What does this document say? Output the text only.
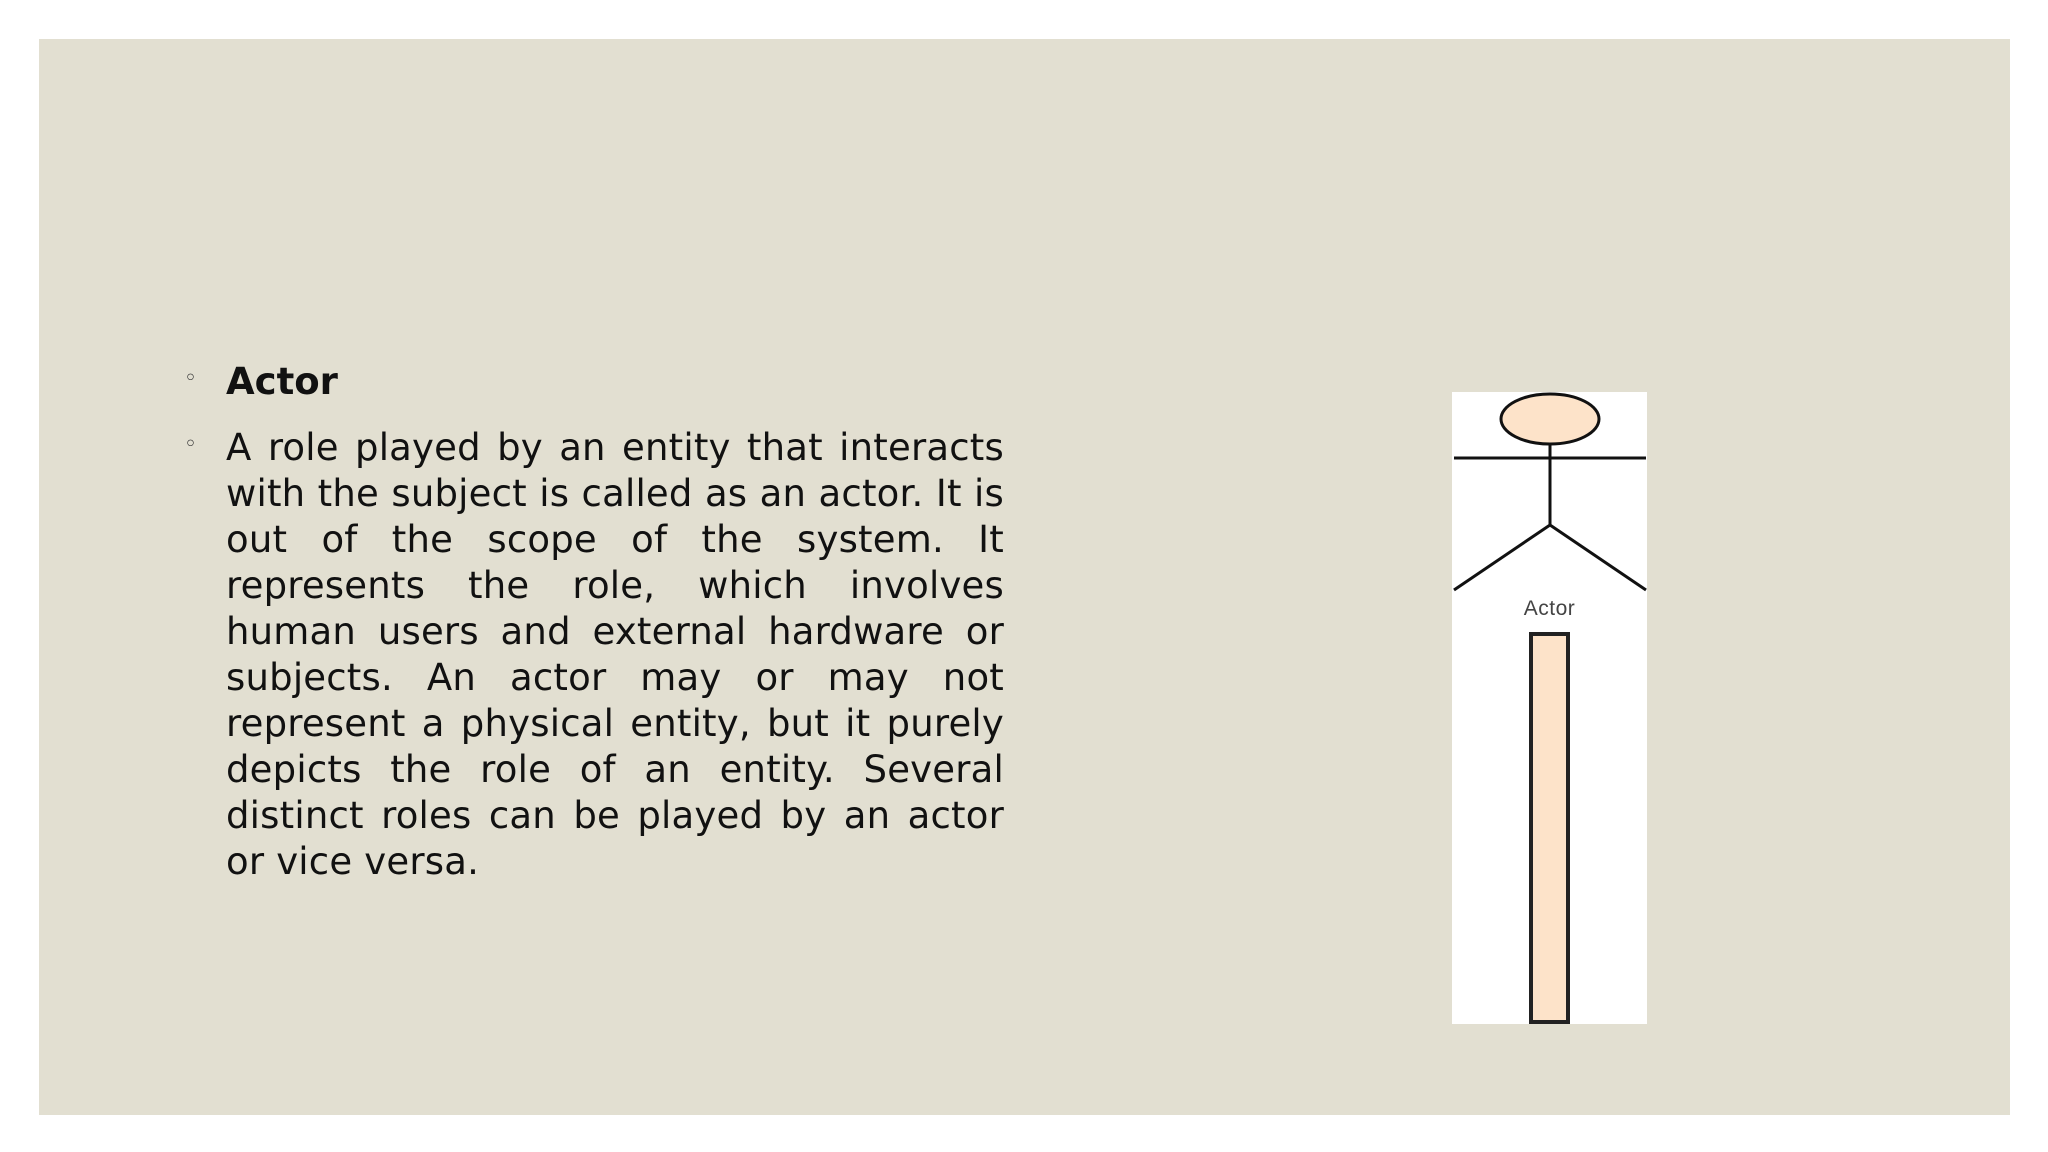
◦ Actor
◦ A role played by an entity that interacts with the subject is called as an actor. It is out of the scope of the system. It represents the role, which involves human users and external hardware or subjects. An actor may or may not represent a physical entity, but it purely depicts the role of an entity. Several distinct roles can be played by an actor or vice versa.
Actor
